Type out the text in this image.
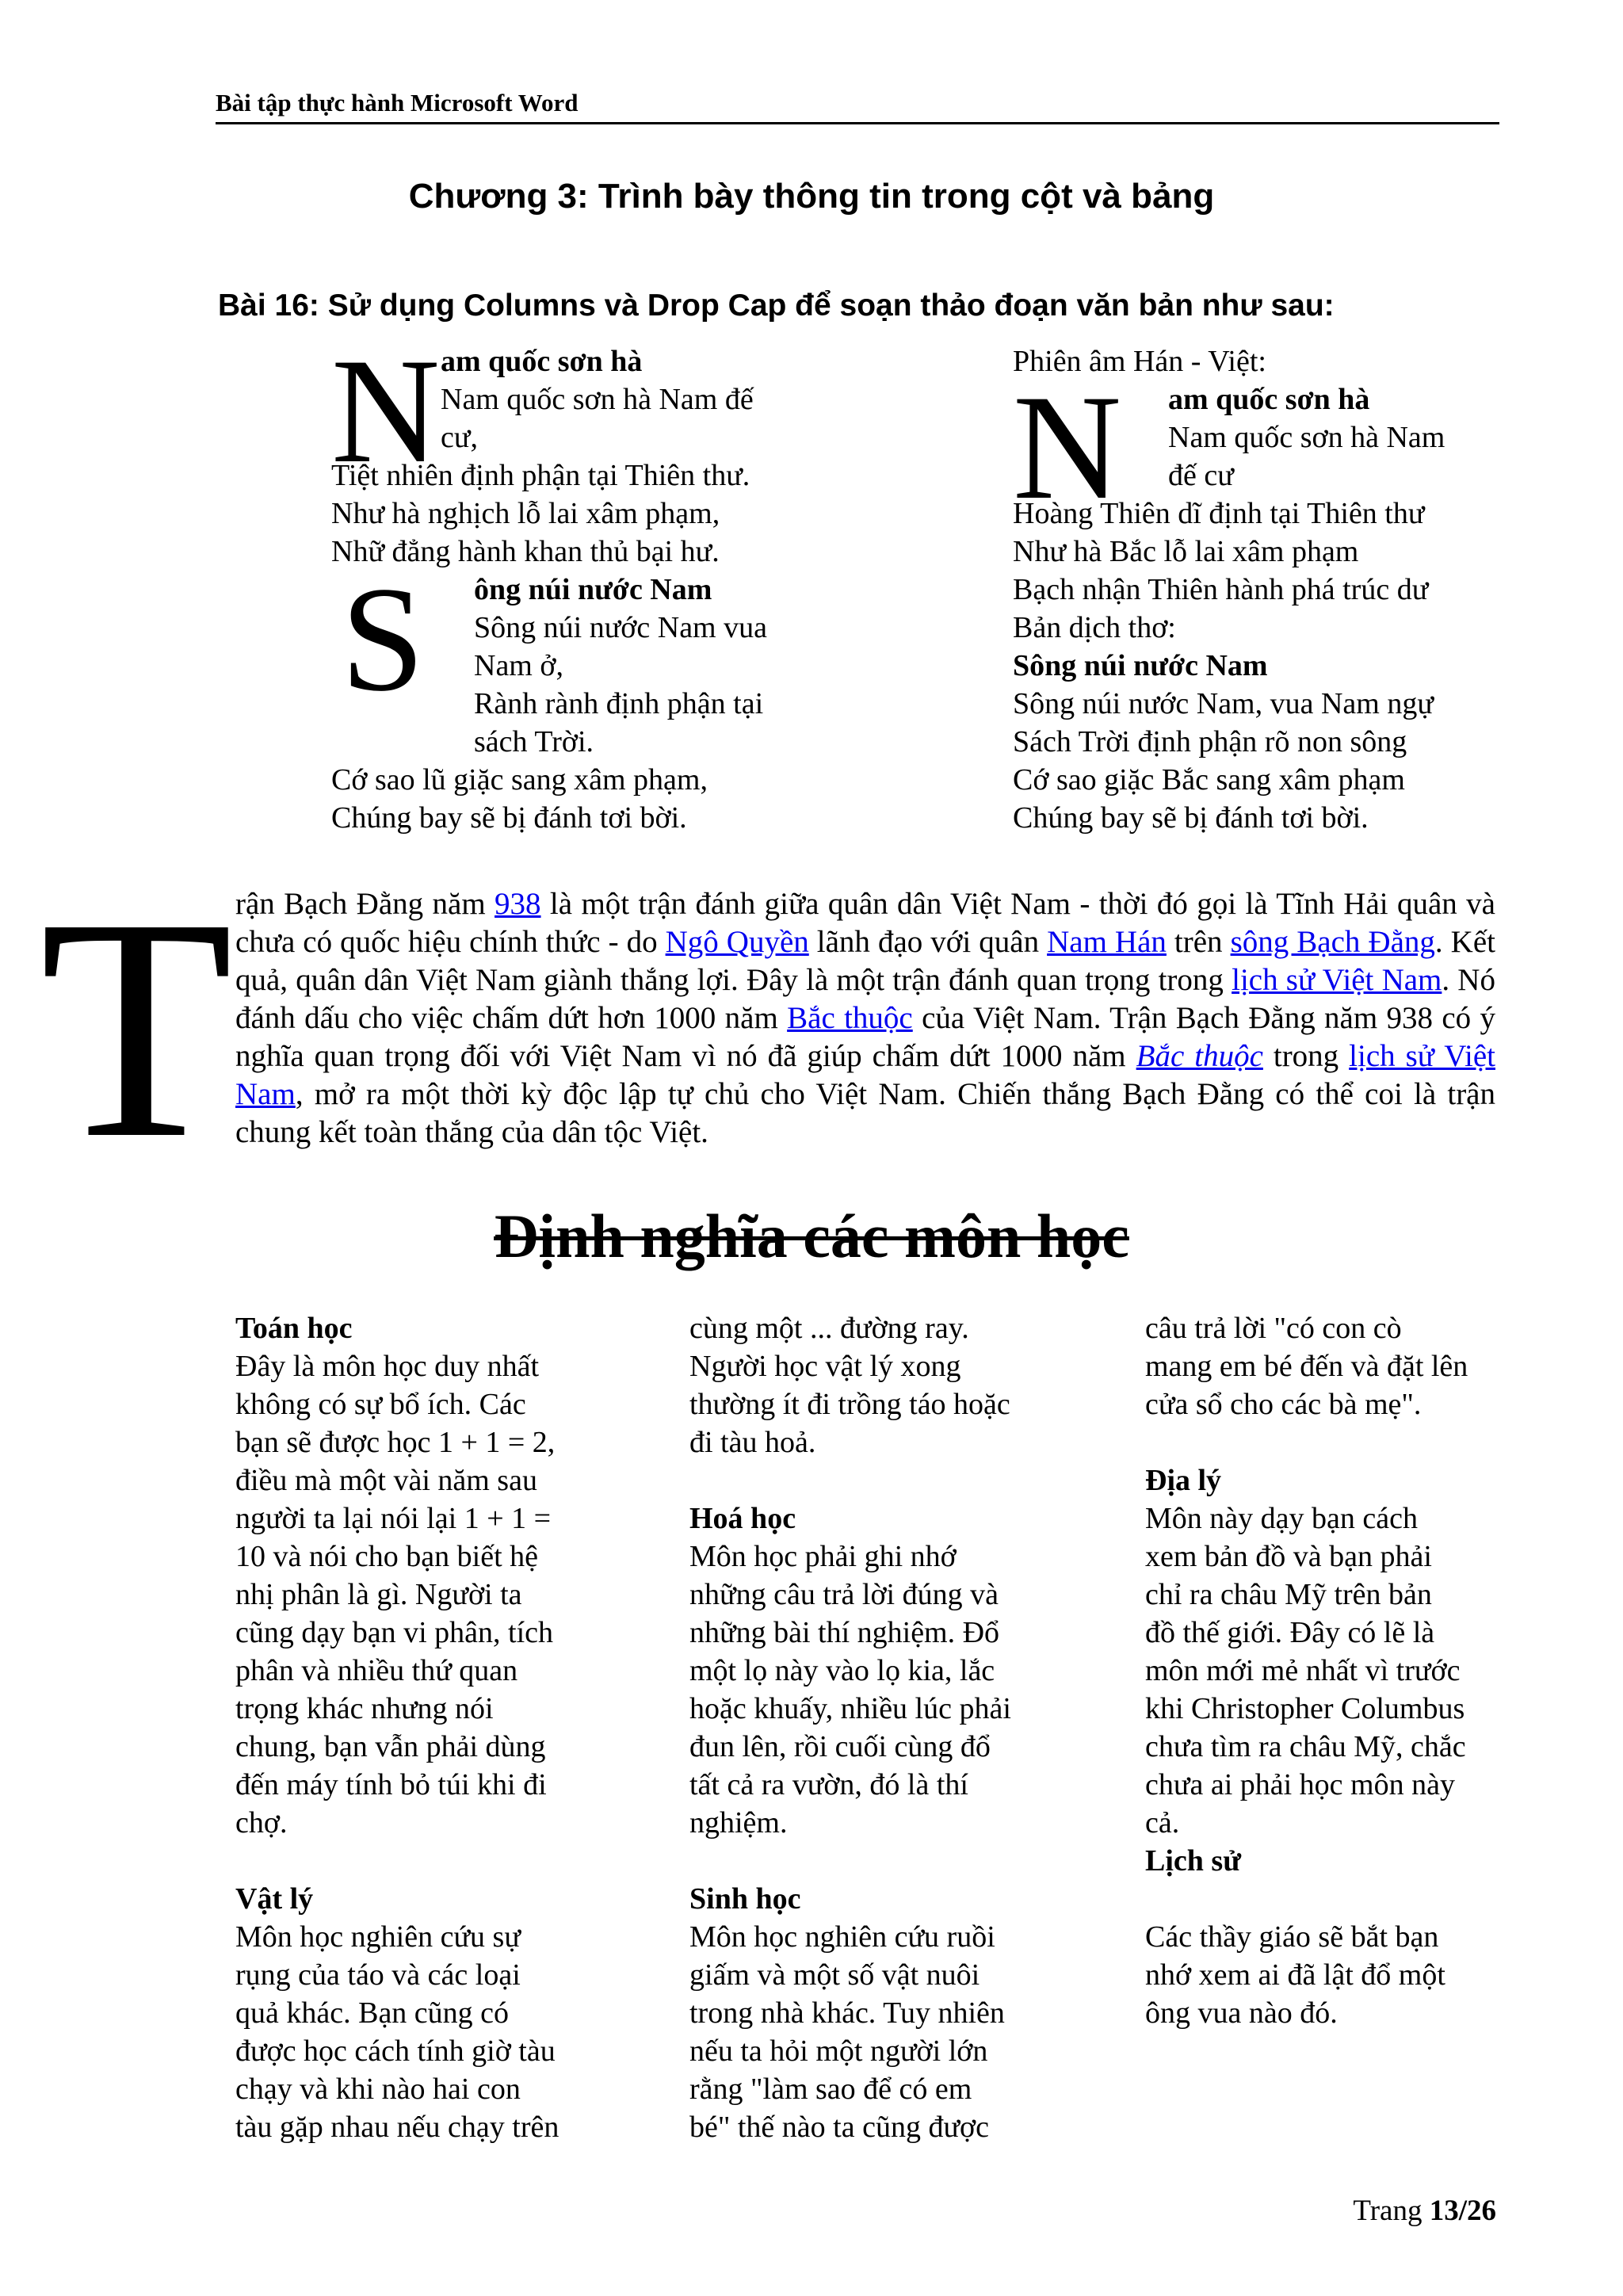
Bài tập thực hành Microsoft Word
Chương 3: Trình bày thông tin trong cột và bảng
Bài 16: Sử dụng Columns và Drop Cap để soạn thảo đoạn văn bản như sau:
N am quốc sơn hà
Nam quốc sơn hà Nam đế
cư,
Tiệt nhiên định phận tại Thiên thư.
Như hà nghịch lỗ lai xâm phạm,
Nhữ đẳng hành khan thủ bại hư.
S ông núi nước Nam
Sông núi nước Nam vua
Nam ở,
Rành rành định phận tại
sách Trời.
Cớ sao lũ giặc sang xâm phạm,
Chúng bay sẽ bị đánh tơi bời.
Phiên âm Hán - Việt:
N am quốc sơn hà
Nam quốc sơn hà Nam
đế cư
Hoàng Thiên dĩ định tại Thiên thư
Như hà Bắc lỗ lai xâm phạm
Bạch nhận Thiên hành phá trúc dư
Bản dịch thơ:
Sông núi nước Nam
Sông núi nước Nam, vua Nam ngự
Sách Trời định phận rõ non sông
Cớ sao giặc Bắc sang xâm phạm
Chúng bay sẽ bị đánh tơi bời.
T rận Bạch Đằng năm 938 là một trận đánh giữa quân dân Việt Nam - thời đó gọi là Tĩnh Hải quân và chưa có quốc hiệu chính thức - do Ngô Quyền lãnh đạo với quân Nam Hán trên sông Bạch Đằng. Kết quả, quân dân Việt Nam giành thắng lợi. Đây là một trận đánh quan trọng trong lịch sử Việt Nam. Nó đánh dấu cho việc chấm dứt hơn 1000 năm Bắc thuộc của Việt Nam. Trận Bạch Đằng năm 938 có ý nghĩa quan trọng đối với Việt Nam vì nó đã giúp chấm dứt 1000 năm Bắc thuộc trong lịch sử Việt Nam, mở ra một thời kỳ độc lập tự chủ cho Việt Nam. Chiến thắng Bạch Đằng có thể coi là trận chung kết toàn thắng của dân tộc Việt.
Định nghĩa các môn học
Toán học
Đây là môn học duy nhất
không có sự bổ ích. Các
bạn sẽ được học 1 + 1 = 2,
điều mà một vài năm sau
người ta lại nói lại 1 + 1 =
10 và nói cho bạn biết hệ
nhị phân là gì. Người ta
cũng dạy bạn vi phân, tích
phân và nhiều thứ quan
trọng khác nhưng nói
chung, bạn vẫn phải dùng
đến máy tính bỏ túi khi đi
chợ.
Vật lý
Môn học nghiên cứu sự
rụng của táo và các loại
quả khác. Bạn cũng có
được học cách tính giờ tàu
chạy và khi nào hai con
tàu gặp nhau nếu chạy trên
cùng một ... đường ray.
Người học vật lý xong
thường ít đi trồng táo hoặc
đi tàu hoả.
Hoá học
Môn học phải ghi nhớ
những câu trả lời đúng và
những bài thí nghiệm. Đổ
một lọ này vào lọ kia, lắc
hoặc khuấy, nhiều lúc phải
đun lên, rồi cuối cùng đổ
tất cả ra vườn, đó là thí
nghiệm.
Sinh học
Môn học nghiên cứu ruồi
giấm và một số vật nuôi
trong nhà khác. Tuy nhiên
nếu ta hỏi một người lớn
rằng "làm sao để có em
bé" thế nào ta cũng được
câu trả lời "có con cò
mang em bé đến và đặt lên
cửa sổ cho các bà mẹ".
Địa lý
Môn này dạy bạn cách
xem bản đồ và bạn phải
chỉ ra châu Mỹ trên bản
đồ thế giới. Đây có lẽ là
môn mới mẻ nhất vì trước
khi Christopher Columbus
chưa tìm ra châu Mỹ, chắc
chưa ai phải học môn này
cả.
Lịch sử
Các thầy giáo sẽ bắt bạn
nhớ xem ai đã lật đổ một
ông vua nào đó.
Trang 13/26
